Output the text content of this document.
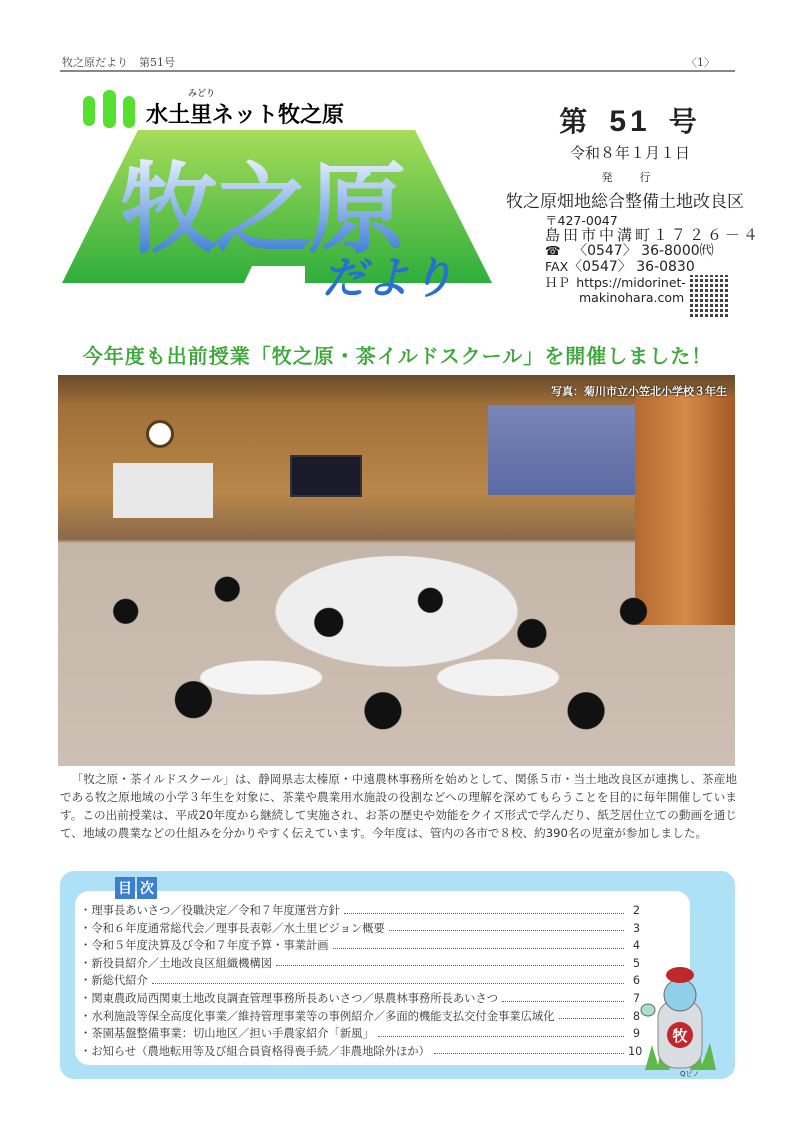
牧之原だより　第51号	〈1〉
みどり
水土里ネット牧之原
牧之原
だより
第 51 号
令和８年１月１日
発　行
牧之原畑地総合整備土地改良区
〒427-0047
島田市中溝町１７２６－４
☎  〈0547〉 36-8000㈹
FAX〈0547〉 36-0830
ＨＰ  https://midorinet-
makinohara.com
今年度も出前授業「牧之原・茶イルドスクール」を開催しました！
写真：菊川市立小笠北小学校３年生

「牧之原・茶イルドスクール」は、静岡県志太榛原・中遠農林事務所を始めとして、関係５市・当土地改良区が連携し、茶産地である牧之原地域の小学３年生を対象に、茶業や農業用水施設の役割などへの理解を深めてもらうことを目的に毎年開催しています。この出前授業は、平成20年度から継続して実施され、お茶の歴史や効能をクイズ形式で学んだり、紙芝居仕立ての動画を通じて、地域の農業などの仕組みを分かりやすく伝えています。今年度は、管内の各市で８校、約390名の児童が参加しました。

目 次
・ 理事長あいさつ／役職決定／令和７年度運営方針	2
・ 令和６年度通常総代会／理事長表彰／水土里ビジョン概要	3
・ 令和５年度決算及び令和７年度予算・事業計画	4
・ 新役員紹介／土地改良区組織機構図	5
・ 新総代紹介	6
・ 関東農政局西関東土地改良調査管理事務所長あいさつ／県農林事務所長あいさつ	7
・ 水利施設等保全高度化事業／維持管理事業等の事例紹介／多面的機能支払交付金事業広域化	8
・ 茶園基盤整備事業：切山地区／担い手農家紹介「新風」	9
・ お知らせ（農地転用等及び組合員資格得喪手続／非農地除外ほか）	10
牧
Qピノ
